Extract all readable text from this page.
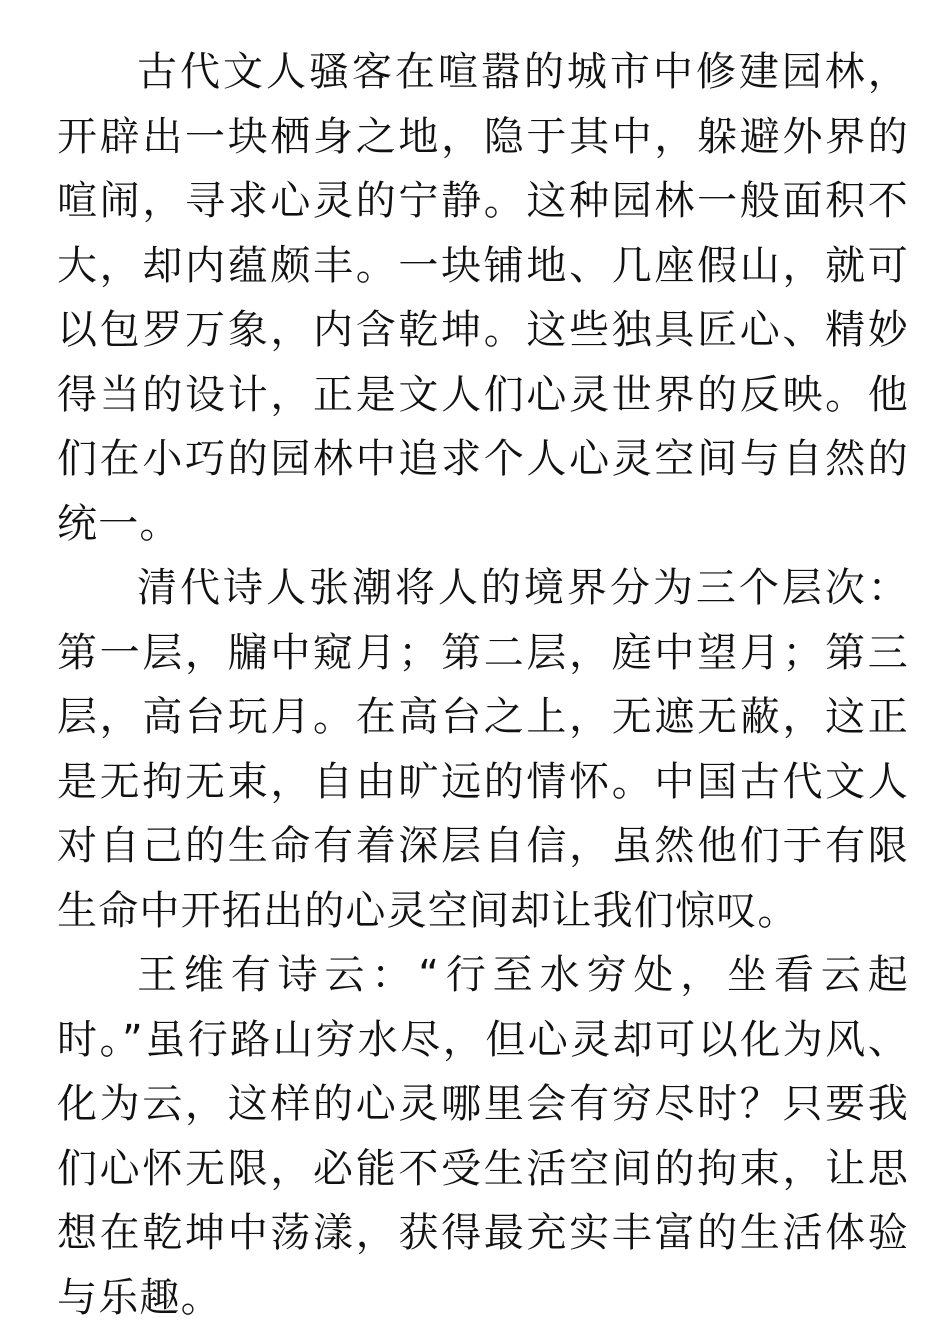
古代文人骚客在喧嚣的城市中修建园林，开辟出一块栖身之地，隐于其中，躲避外界的喧闹，寻求心灵的宁静。这种园林一般面积不大，却内蕴颇丰。一块铺地、几座假山，就可以包罗万象，内含乾坤。这些独具匠心、精妙得当的设计，正是文人们心灵世界的反映。他们在小巧的园林中追求个人心灵空间与自然的统一。

清代诗人张潮将人的境界分为三个层次：第一层，牖中窥月；第二层，庭中望月；第三层，高台玩月。在高台之上，无遮无蔽，这正是无拘无束，自由旷远的情怀。中国古代文人对自己的生命有着深层自信，虽然他们于有限生命中开拓出的心灵空间却让我们惊叹。

王维有诗云：“行至水穷处，坐看云起时。”虽行路山穷水尽，但心灵却可以化为风、化为云，这样的心灵哪里会有穷尽时？只要我们心怀无限，必能不受生活空间的拘束，让思想在乾坤中荡漾，获得最充实丰富的生活体验与乐趣。
